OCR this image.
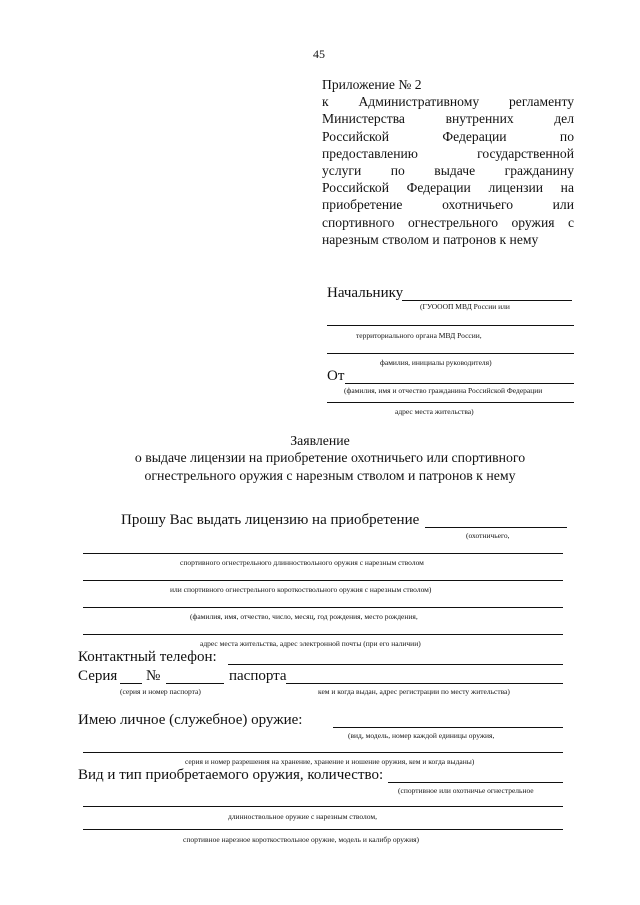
45
Приложение № 2
к Административному регламенту
Министерства внутренних дел
Российской Федерации по
предоставлению государственной
услуги по выдаче гражданину
Российской Федерации лицензии на
приобретение охотничьего или
спортивного огнестрельного оружия с
нарезным стволом и патронов к нему
Начальнику
(ГУОООП МВД России или
территориального органа МВД России,
фамилия, инициалы руководителя)
От
(фамилия, имя и отчество гражданина Российской Федерации
адрес места жительства)
Заявление
о выдаче лицензии на приобретение охотничьего или спортивного
огнестрельного оружия с нарезным стволом и патронов к нему
Прошу Вас выдать лицензию на приобретение
(охотничьего,
спортивного огнестрельного длинноствольного оружия с нарезным стволом
или спортивного огнестрельного короткоствольного оружия с нарезным стволом)
(фамилия, имя, отчество, число, месяц, год рождения, место рождения,
адрес места жительства, адрес электронной почты (при его наличии)
Контактный телефон:
Серия №	паспорта
(серия и номер паспорта)	кем и когда выдан, адрес регистрации по месту жительства)
Имею личное (служебное) оружие:
(вид, модель, номер каждой единицы оружия,
серия и номер разрешения на хранение, хранение и ношение оружия, кем и когда выданы)
Вид и тип приобретаемого оружия, количество:
(спортивное или охотничье огнестрельное
длинноствольное оружие с нарезным стволом,
спортивное нарезное короткоствольное оружие, модель и калибр оружия)
